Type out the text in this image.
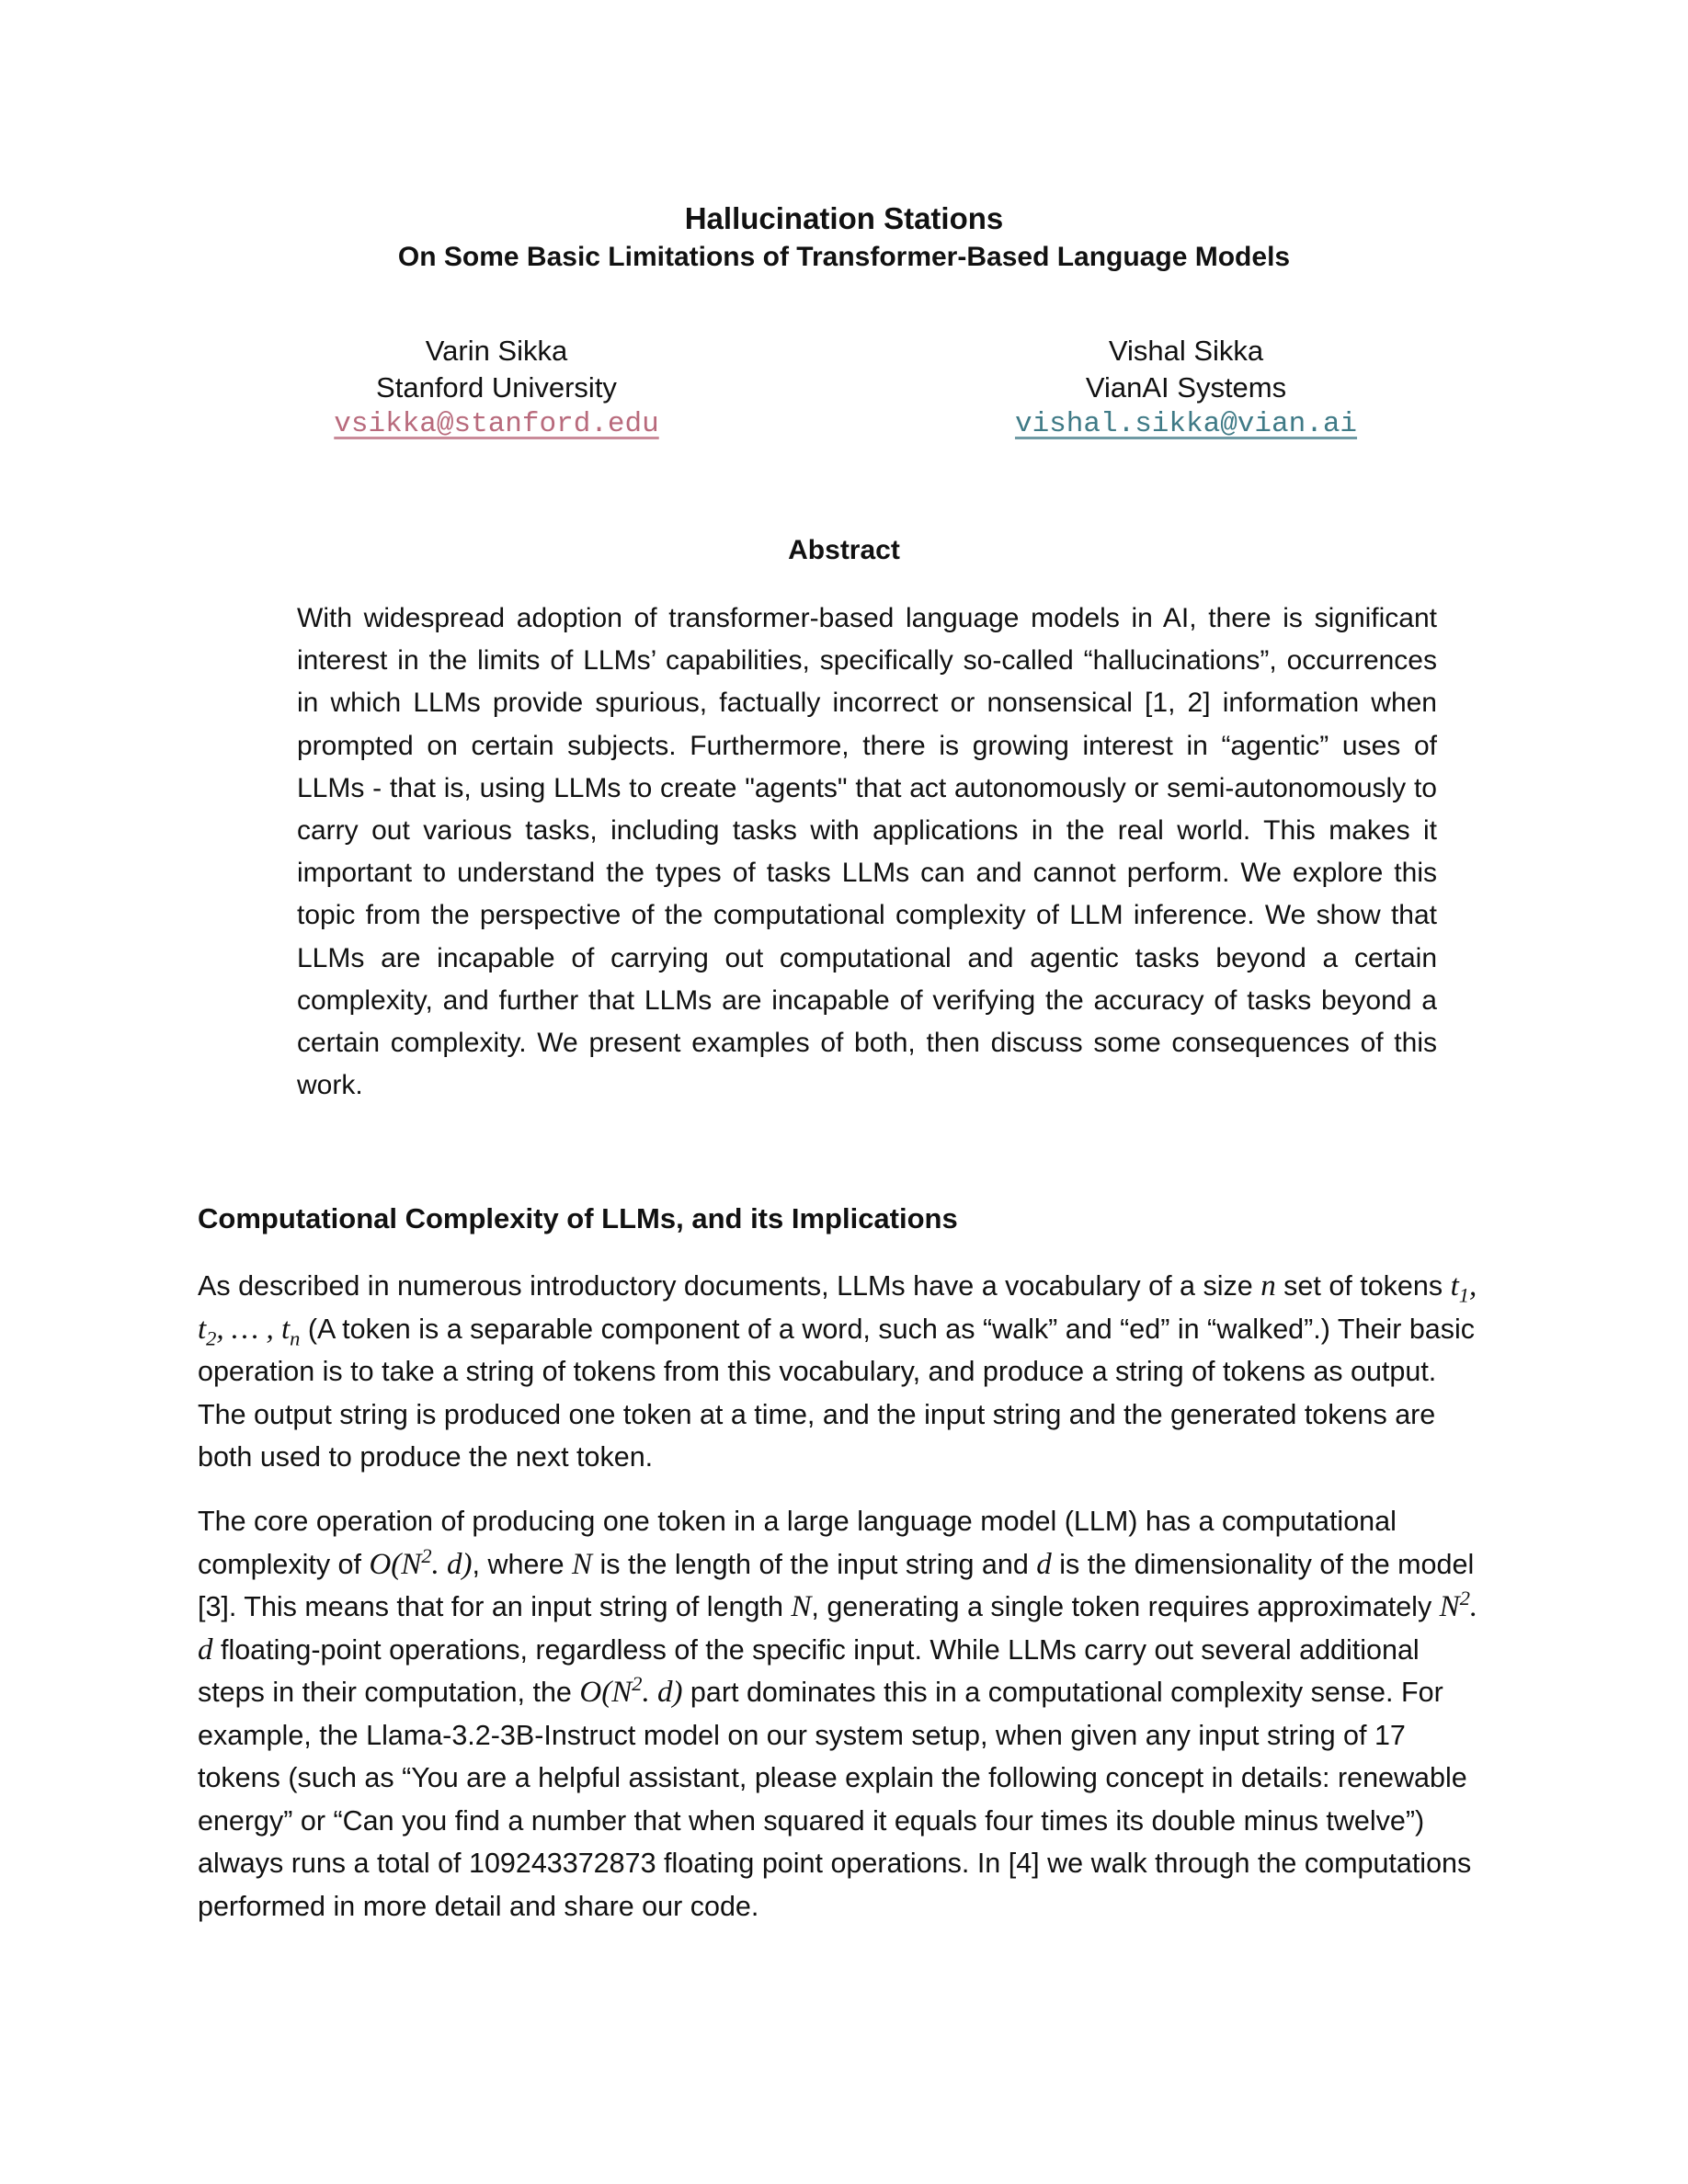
Hallucination Stations
On Some Basic Limitations of Transformer-Based Language Models
Varin Sikka
Stanford University
vsikka@stanford.edu
Vishal Sikka
VianAI Systems
vishal.sikka@vian.ai
Abstract
With widespread adoption of transformer-based language models in AI, there is significant interest in the limits of LLMs’ capabilities, specifically so-called “hallucinations”, occurrences in which LLMs provide spurious, factually incorrect or nonsensical [1, 2] information when prompted on certain subjects. Furthermore, there is growing interest in “agentic” uses of LLMs - that is, using LLMs to create "agents" that act autonomously or semi-autonomously to carry out various tasks, including tasks with applications in the real world. This makes it important to understand the types of tasks LLMs can and cannot perform. We explore this topic from the perspective of the computational complexity of LLM inference. We show that LLMs are incapable of carrying out computational and agentic tasks beyond a certain complexity, and further that LLMs are incapable of verifying the accuracy of tasks beyond a certain complexity. We present examples of both, then discuss some consequences of this work.
Computational Complexity of LLMs, and its Implications
As described in numerous introductory documents, LLMs have a vocabulary of a size n set of tokens $t_1$, $t_2$, … , $t_n$ (A token is a separable component of a word, such as “walk” and “ed” in “walked”.) Their basic operation is to take a string of tokens from this vocabulary, and produce a string of tokens as output. The output string is produced one token at a time, and the input string and the generated tokens are both used to produce the next token.
The core operation of producing one token in a large language model (LLM) has a computational complexity of $O(N^2$. d), where N is the length of the input string and d is the dimensionality of the model [3]. This means that for an input string of length N, generating a single token requires approximately $N^2$. d floating-point operations, regardless of the specific input. While LLMs carry out several additional steps in their computation, the $O(N^2$. d) part dominates this in a computational complexity sense. For example, the Llama-3.2-3B-Instruct model on our system setup, when given any input string of 17 tokens (such as “You are a helpful assistant, please explain the following concept in details: renewable energy” or “Can you find a number that when squared it equals four times its double minus twelve”) always runs a total of 109243372873 floating point operations. In [4] we walk through the computations performed in more detail and share our code.
